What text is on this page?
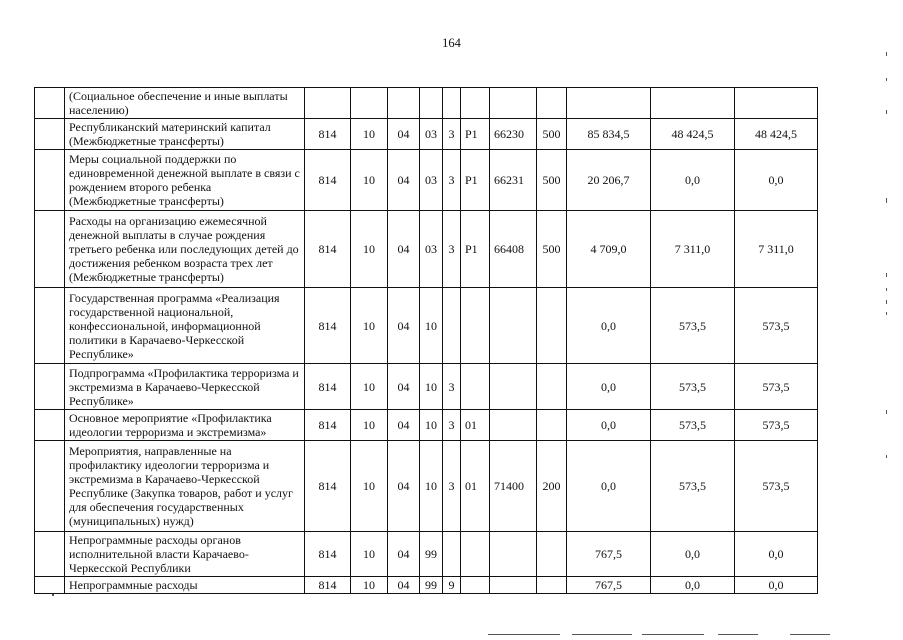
164
	(Социальное обеспечение и иные выплаты населению)											
	Республиканский материнский капитал (Межбюджетные трансферты)	814	10	04	03	3	P1	66230	500	85 834,5	48 424,5	48 424,5
	Меры социальной поддержки по единовременной денежной выплате в связи с рождением второго ребенка (Межбюджетные трансферты)	814	10	04	03	3	P1	66231	500	20 206,7	0,0	0,0
	Расходы на организацию ежемесячной денежной выплаты в случае рождения третьего ребенка или последующих детей до достижения ребенком возраста трех лет (Межбюджетные трансферты)	814	10	04	03	3	P1	66408	500	4 709,0	7 311,0	7 311,0
	Государственная программа «Реализация государственной национальной, конфессиональной, информационной политики в Карачаево-Черкесской Республике»	814	10	04	10					0,0	573,5	573,5
	Подпрограмма «Профилактика терроризма и экстремизма в Карачаево-Черкесской Республике»	814	10	04	10	3				0,0	573,5	573,5
	Основное мероприятие «Профилактика идеологии терроризма и экстремизма»	814	10	04	10	3	01			0,0	573,5	573,5
	Мероприятия, направленные на профилактику идеологии терроризма и экстремизма в Карачаево-Черкесской Республике (Закупка товаров, работ и услуг для обеспечения государственных (муниципальных) нужд)	814	10	04	10	3	01	71400	200	0,0	573,5	573,5
	Непрограммные расходы органов исполнительной власти Карачаево-Черкесской Республики	814	10	04	99					767,5	0,0	0,0
	Непрограммные расходы	814	10	04	99	9				767,5	0,0	0,0
